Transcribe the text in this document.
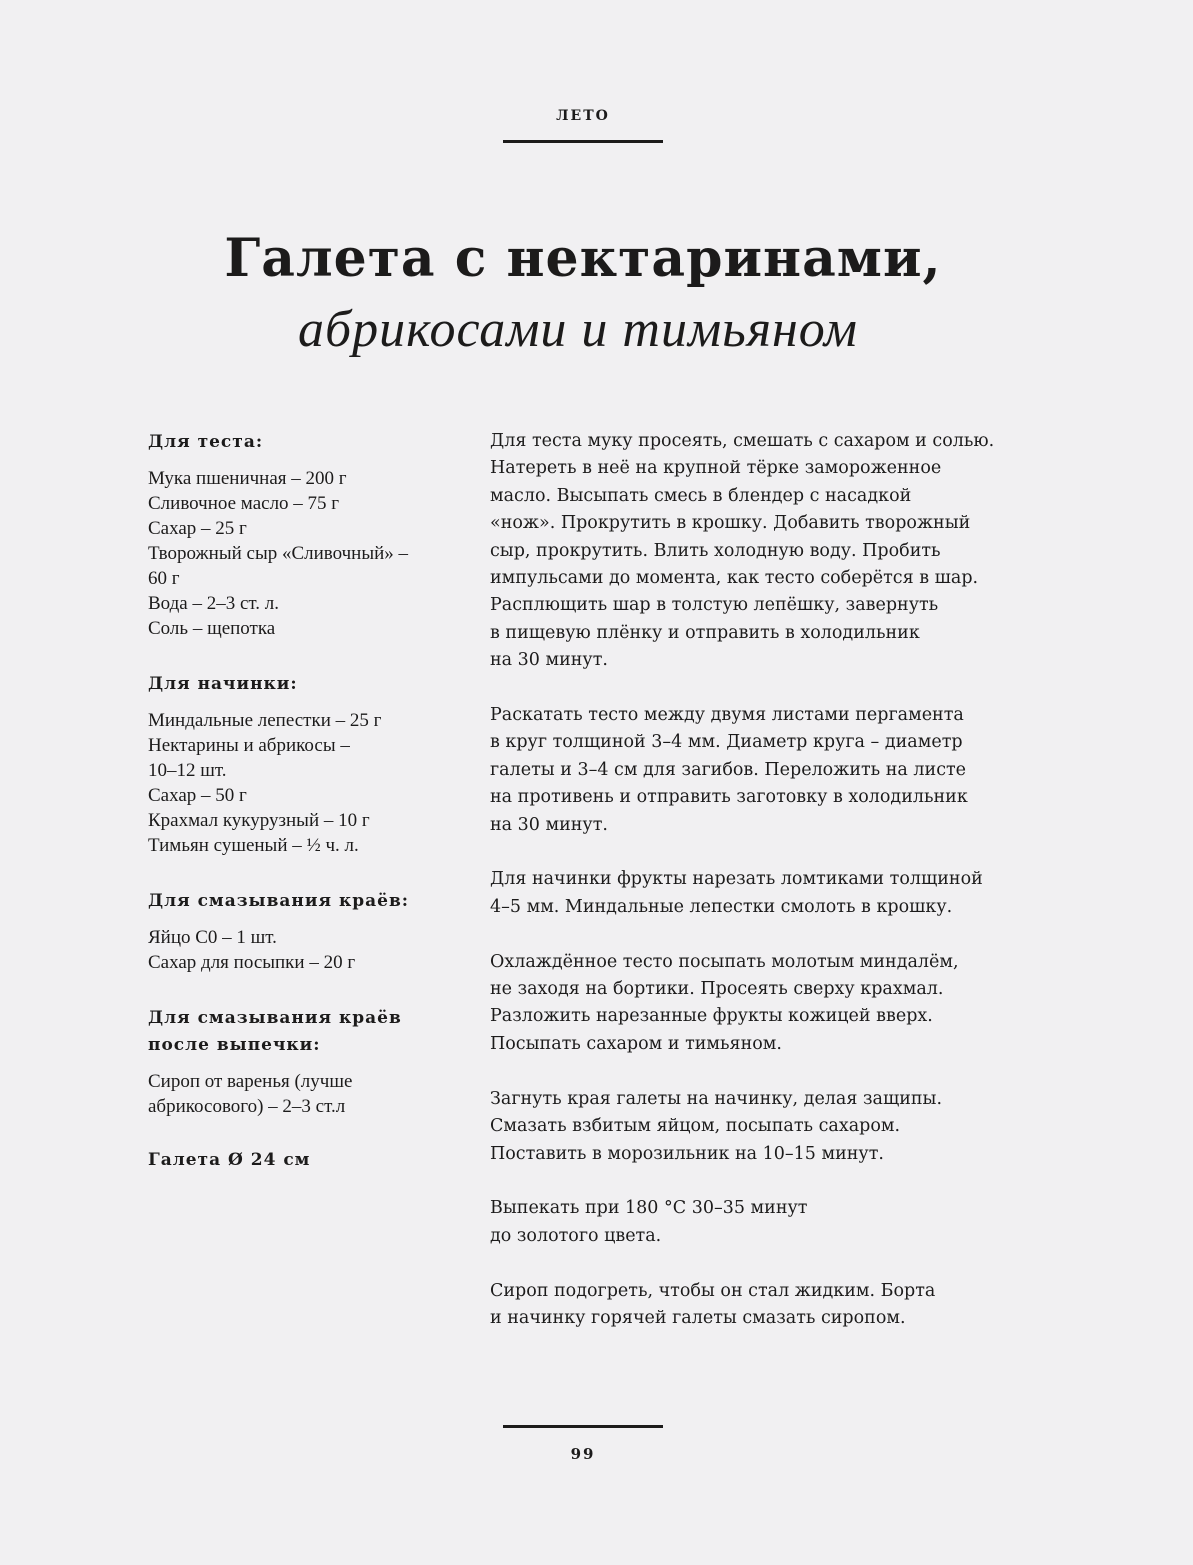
ЛЕТО
Галета с нектаринами,
абрикосами и тимьяном
Для теста:
Мука пшеничная – 200 г
Сливочное масло – 75 г
Сахар – 25 г
Творожный сыр «Сливочный» –
60 г
Вода – 2–3 ст. л.
Соль – щепотка
Для начинки:
Миндальные лепестки – 25 г
Нектарины и абрикосы –
10–12 шт.
Сахар – 50 г
Крахмал кукурузный – 10 г
Тимьян сушеный – ½ ч. л.
Для смазывания краёв:
Яйцо С0 – 1 шт.
Сахар для посыпки – 20 г
Для смазывания краёв
после выпечки:
Сироп от варенья (лучше
абрикосового) – 2–3 ст.л
Галета Ø 24 см

Для теста муку просеять, смешать с сахаром и солью.
Натереть в неё на крупной тёрке замороженное
масло. Высыпать смесь в блендер с насадкой
«нож». Прокрутить в крошку. Добавить творожный
сыр, прокрутить. Влить холодную воду. Пробить
импульсами до момента, как тесто соберётся в шар.
Расплющить шар в толстую лепёшку, завернуть
в пищевую плёнку и отправить в холодильник
на 30 минут.

Раскатать тесто между двумя листами пергамента
в круг толщиной 3–4 мм. Диаметр круга – диаметр
галеты и 3–4 см для загибов. Переложить на листе
на противень и отправить заготовку в холодильник
на 30 минут.

Для начинки фрукты нарезать ломтиками толщиной
4–5 мм. Миндальные лепестки смолоть в крошку.

Охлаждённое тесто посыпать молотым миндалём,
не заходя на бортики. Просеять сверху крахмал.
Разложить нарезанные фрукты кожицей вверх.
Посыпать сахаром и тимьяном.

Загнуть края галеты на начинку, делая защипы.
Смазать взбитым яйцом, посыпать сахаром.
Поставить в морозильник на 10–15 минут.

Выпекать при 180 °С 30–35 минут
до золотого цвета.

Сироп подогреть, чтобы он стал жидким. Борта
и начинку горячей галеты смазать сиропом.

99
